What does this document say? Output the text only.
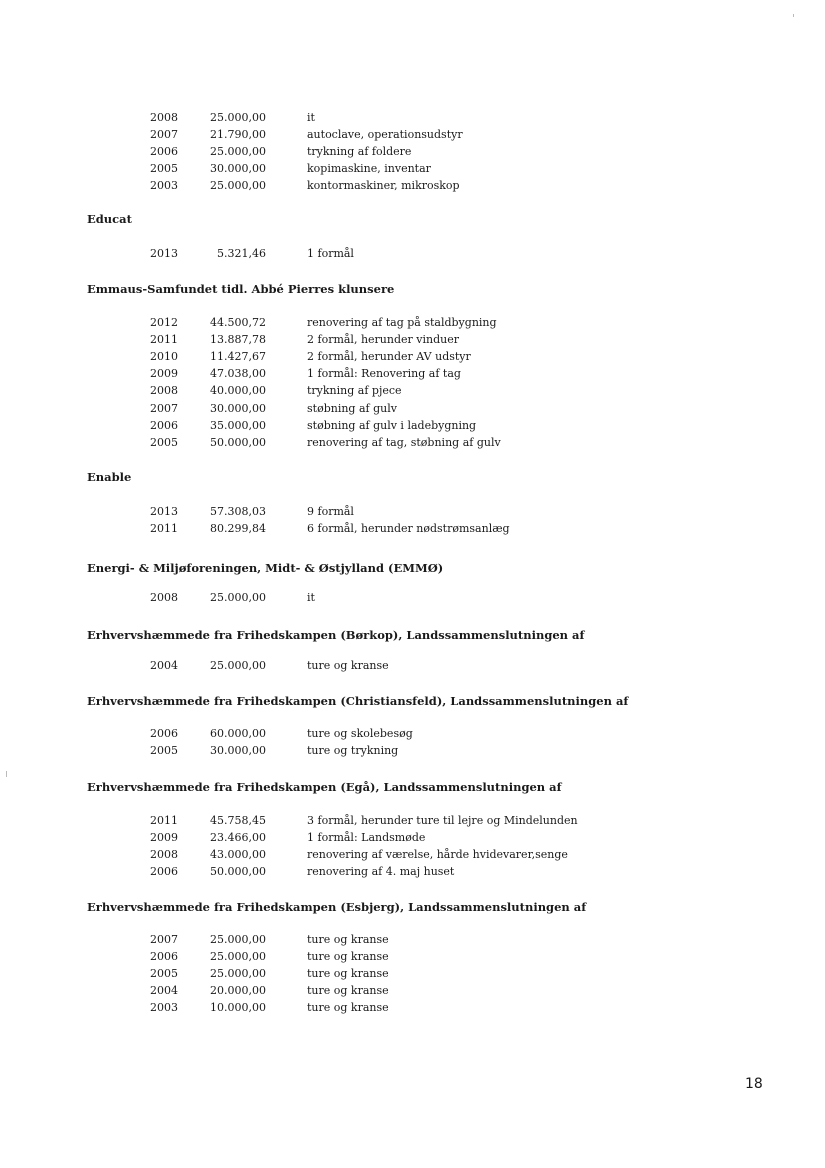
2008	25.000,00	it
2007	21.790,00	autoclave, operationsudstyr
2006	25.000,00	trykning af foldere
2005	30.000,00	kopimaskine, inventar
2003	25.000,00	kontormaskiner, mikroskop
Educat
2013	5.321,46	1 formål
Emmaus-Samfundet tidl. Abbé Pierres klunsere
2012	44.500,72	renovering af tag på staldbygning
2011	13.887,78	2 formål, herunder vinduer
2010	11.427,67	2 formål, herunder AV udstyr
2009	47.038,00	1 formål: Renovering af tag
2008	40.000,00	trykning af pjece
2007	30.000,00	støbning af gulv
2006	35.000,00	støbning af gulv i ladebygning
2005	50.000,00	renovering af tag, støbning af gulv
Enable
2013	57.308,03	9 formål
2011	80.299,84	6 formål, herunder nødstrømsanlæg
Energi- & Miljøforeningen, Midt- & Østjylland (EMMØ)
2008	25.000,00	it
Erhvervshæmmede fra Frihedskampen (Børkop), Landssammenslutningen af
2004	25.000,00	ture og kranse
Erhvervshæmmede fra Frihedskampen (Christiansfeld), Landssammenslutningen af
2006	60.000,00	ture og skolebesøg
2005	30.000,00	ture og trykning
Erhvervshæmmede fra Frihedskampen (Egå), Landssammenslutningen af
2011	45.758,45	3 formål, herunder ture til lejre og Mindelunden
2009	23.466,00	1 formål: Landsmøde
2008	43.000,00	renovering af værelse, hårde hvidevarer,senge
2006	50.000,00	renovering af 4. maj huset
Erhvervshæmmede fra Frihedskampen (Esbjerg), Landssammenslutningen af
2007	25.000,00	ture og kranse
2006	25.000,00	ture og kranse
2005	25.000,00	ture og kranse
2004	20.000,00	ture og kranse
2003	10.000,00	ture og kranse
18
